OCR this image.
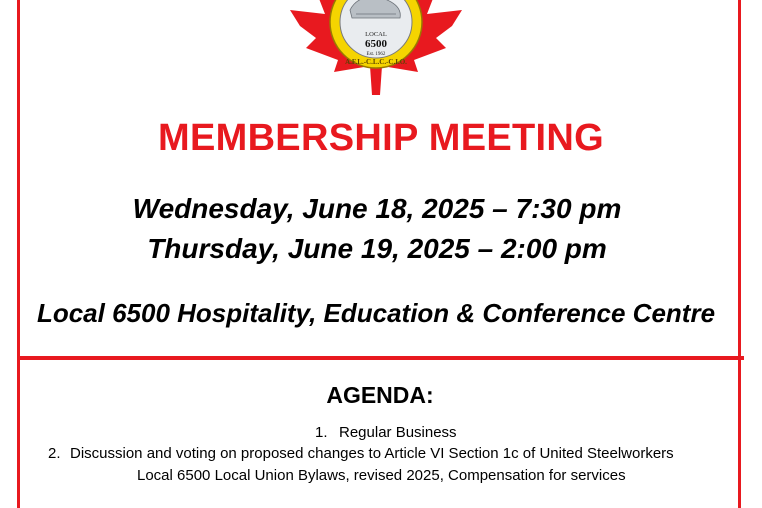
LOCAL
6500
Est. 1962
A.F.L.-C.L.C.-C.I.O.
MEMBERSHIP MEETING
Wednesday, June 18, 2025 – 7:30 pm
Thursday, June 19, 2025 – 2:00 pm
Local 6500 Hospitality, Education & Conference Centre
AGENDA:
1. Regular Business
2. Discussion and voting on proposed changes to Article VI Section 1c of United Steelworkers
Local 6500 Local Union Bylaws, revised 2025, Compensation for services
